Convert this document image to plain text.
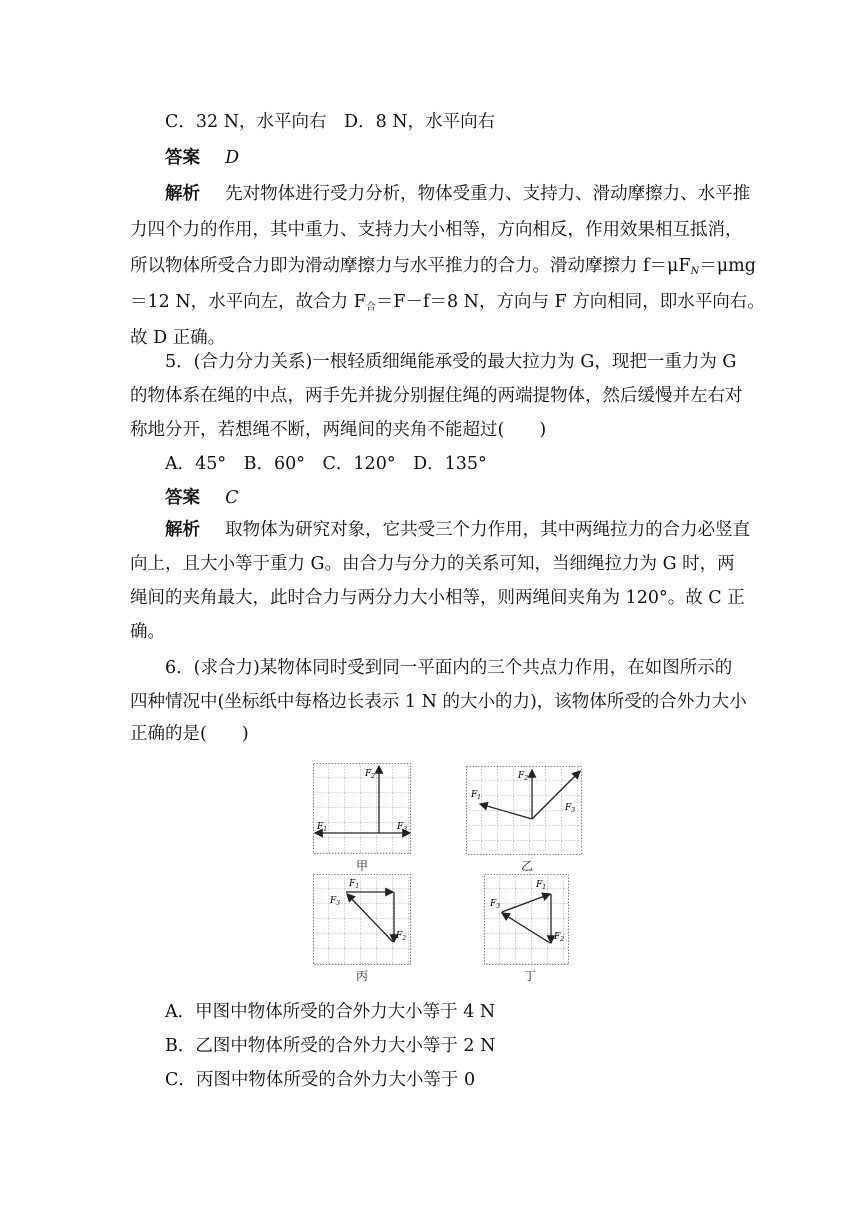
C．32 N，水平向右　D．8 N，水平向右
答案 D
解析 先对物体进行受力分析，物体受重力、支持力、滑动摩擦力、水平推
力四个力的作用，其中重力、支持力大小相等，方向相反，作用效果相互抵消，
所以物体所受合力即为滑动摩擦力与水平推力的合力。滑动摩擦力 $f=\mu F_N=\mu mg$
＝12 N，水平向左，故合力 $F_合=F-f=8$ N，方向与 F 方向相同，即水平向右。
故 D 正确。
5．(合力分力关系)一根轻质细绳能承受的最大拉力为 G，现把一重力为 G
的物体系在绳的中点，两手先并拢分别握住绳的两端提物体，然后缓慢并左右对
称地分开，若想绳不断，两绳间的夹角不能超过(　　)
A．45°　B．60°　C．120°　D．135°
答案 C
解析 取物体为研究对象，它共受三个力作用，其中两绳拉力的合力必竖直
向上，且大小等于重力 G。由合力与分力的关系可知，当细绳拉力为 G 时，两
绳间的夹角最大，此时合力与两分力大小相等，则两绳间夹角为 120°。故 C 正
确。
6．(求合力)某物体同时受到同一平面内的三个共点力作用，在如图所示的
四种情况中(坐标纸中每格边长表示 1 N 的大小的力)，该物体所受的合外力大小
正确的是(　　)
$F_2$
$F_1$	$F_3$
甲
$F_2$
$F_1$
$F_3$
乙
$F_1$
$F_3$
$F_2$
丙
$F_1$
$F_3$
$F_2$
丁
A．甲图中物体所受的合外力大小等于 4 N
B．乙图中物体所受的合外力大小等于 2 N
C．丙图中物体所受的合外力大小等于 0
